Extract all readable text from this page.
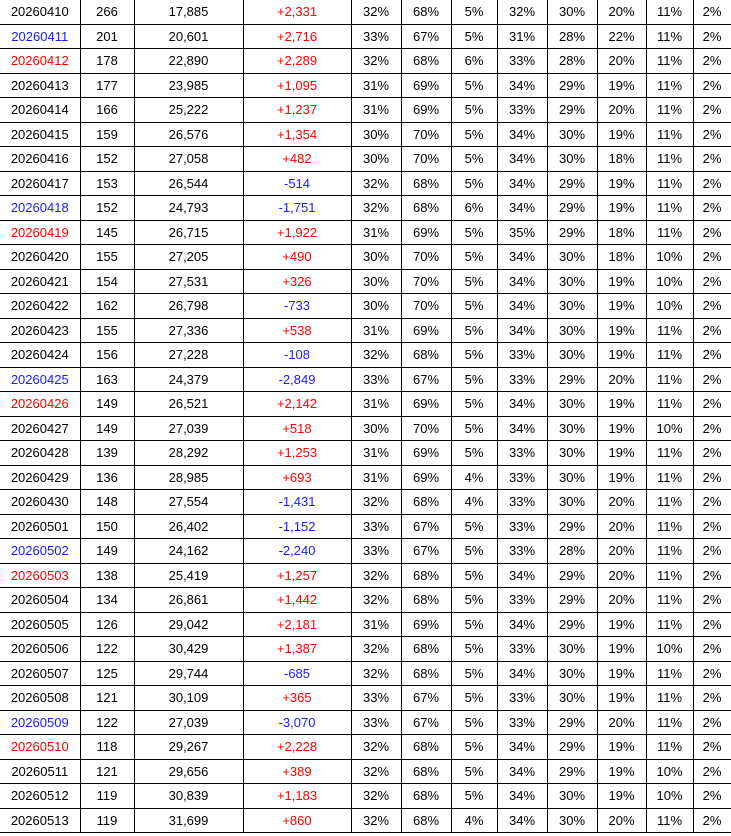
20260410	266	17,885	+2,331	32%	68%	5%	32%	30%	20%	11%	2%
20260411	201	20,601	+2,716	33%	67%	5%	31%	28%	22%	11%	2%
20260412	178	22,890	+2,289	32%	68%	6%	33%	28%	20%	11%	2%
20260413	177	23,985	+1,095	31%	69%	5%	34%	29%	19%	11%	2%
20260414	166	25,222	+1,237	31%	69%	5%	33%	29%	20%	11%	2%
20260415	159	26,576	+1,354	30%	70%	5%	34%	30%	19%	11%	2%
20260416	152	27,058	+482	30%	70%	5%	34%	30%	18%	11%	2%
20260417	153	26,544	-514	32%	68%	5%	34%	29%	19%	11%	2%
20260418	152	24,793	-1,751	32%	68%	6%	34%	29%	19%	11%	2%
20260419	145	26,715	+1,922	31%	69%	5%	35%	29%	18%	11%	2%
20260420	155	27,205	+490	30%	70%	5%	34%	30%	18%	10%	2%
20260421	154	27,531	+326	30%	70%	5%	34%	30%	19%	10%	2%
20260422	162	26,798	-733	30%	70%	5%	34%	30%	19%	10%	2%
20260423	155	27,336	+538	31%	69%	5%	34%	30%	19%	11%	2%
20260424	156	27,228	-108	32%	68%	5%	33%	30%	19%	11%	2%
20260425	163	24,379	-2,849	33%	67%	5%	33%	29%	20%	11%	2%
20260426	149	26,521	+2,142	31%	69%	5%	34%	30%	19%	11%	2%
20260427	149	27,039	+518	30%	70%	5%	34%	30%	19%	10%	2%
20260428	139	28,292	+1,253	31%	69%	5%	33%	30%	19%	11%	2%
20260429	136	28,985	+693	31%	69%	4%	33%	30%	19%	11%	2%
20260430	148	27,554	-1,431	32%	68%	4%	33%	30%	20%	11%	2%
20260501	150	26,402	-1,152	33%	67%	5%	33%	29%	20%	11%	2%
20260502	149	24,162	-2,240	33%	67%	5%	33%	28%	20%	11%	2%
20260503	138	25,419	+1,257	32%	68%	5%	34%	29%	20%	11%	2%
20260504	134	26,861	+1,442	32%	68%	5%	33%	29%	20%	11%	2%
20260505	126	29,042	+2,181	31%	69%	5%	34%	29%	19%	11%	2%
20260506	122	30,429	+1,387	32%	68%	5%	33%	30%	19%	10%	2%
20260507	125	29,744	-685	32%	68%	5%	34%	30%	19%	11%	2%
20260508	121	30,109	+365	33%	67%	5%	33%	30%	19%	11%	2%
20260509	122	27,039	-3,070	33%	67%	5%	33%	29%	20%	11%	2%
20260510	118	29,267	+2,228	32%	68%	5%	34%	29%	19%	11%	2%
20260511	121	29,656	+389	32%	68%	5%	34%	29%	19%	10%	2%
20260512	119	30,839	+1,183	32%	68%	5%	34%	30%	19%	10%	2%
20260513	119	31,699	+860	32%	68%	4%	34%	30%	20%	11%	2%
